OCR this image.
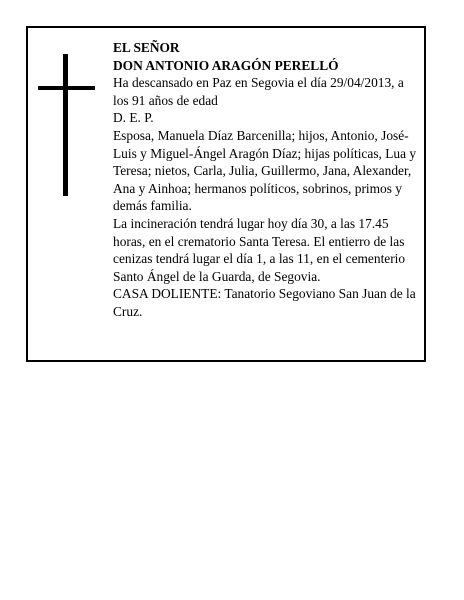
EL SEÑOR

DON ANTONIO ARAGÓN PERELLÓ

Ha descansado en Paz en Segovia el día 29/04/2013, a los 91 años de edad

D. E. P.

Esposa, Manuela Díaz Barcenilla; hijos, Antonio, José-Luis y Miguel-Ángel Aragón Díaz; hijas políticas, Lua y Teresa; nietos, Carla, Julia, Guillermo, Jana, Alexander, Ana y Ainhoa; hermanos políticos, sobrinos, primos y demás familia.

La incineración tendrá lugar hoy día 30, a las 17.45 horas, en el crematorio Santa Teresa. El entierro de las cenizas tendrá lugar el día 1, a las 11, en el cementerio Santo Ángel de la Guarda, de Segovia.

CASA DOLIENTE: Tanatorio Segoviano San Juan de la Cruz.
